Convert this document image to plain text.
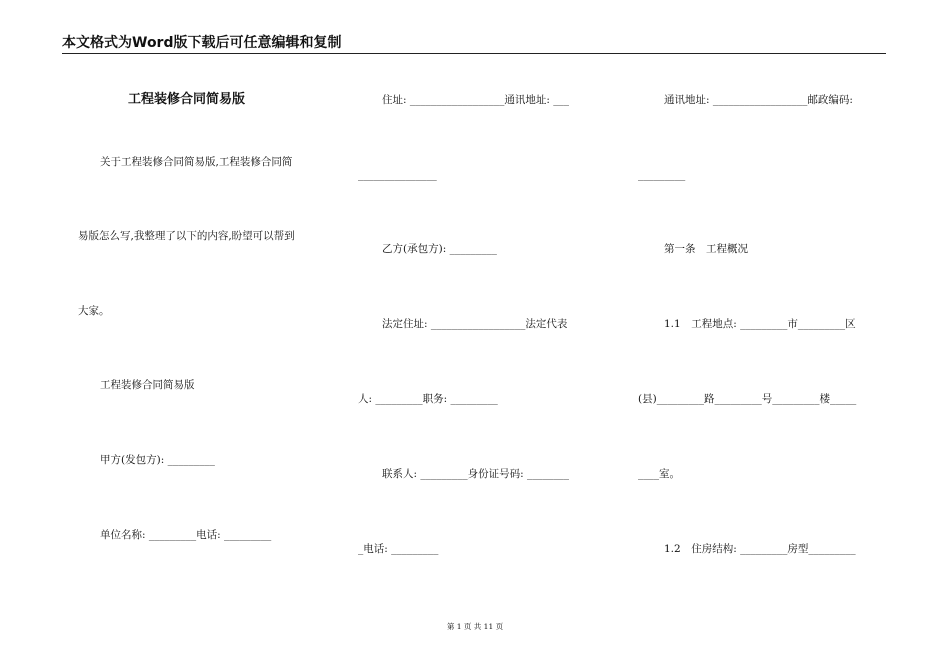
本文格式为Word版下载后可任意编辑和复制
工程装修合同简易版
关于工程装修合同简易版,工程装修合同简
易版怎么写,我整理了以下的内容,盼望可以帮到
大家。
工程装修合同简易版
甲方(发包方): _________
单位名称: _________电话: _________
住址: __________________通讯地址: ___
_______________
乙方(承包方): _________
法定住址: __________________法定代表
人: _________职务: _________
联系人: _________身份证号码: ________
_电话: _________
通讯地址: __________________邮政编码:
_________
第一条　工程概况
1.1　工程地点: _________市_________区
(县)_________路_________号_________楼_____
____室。
1.2　住房结构: _________房型_________
第 1 页 共 11 页
